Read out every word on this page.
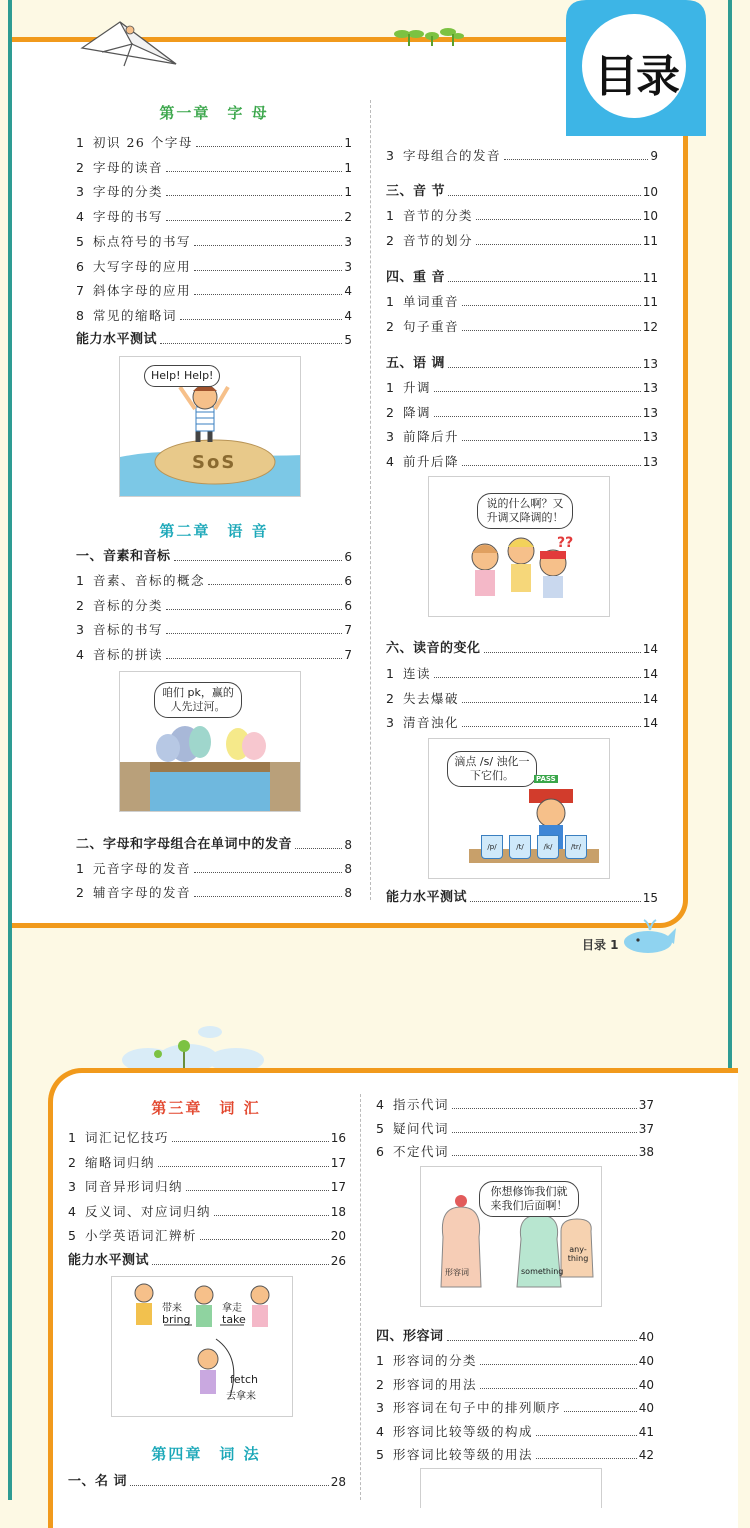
目录
第一章　字 母
能力水平测试	5
Help! Help!
SoS
第二章　语 音
一、音素和音标	6
咱们 pk，赢的人先过河。
二、字母和字母组合在单词中的发音	8
3 字母组合的发音	9
??
说的什么啊？又升调又降调的！
滴点 /s/ 浊化一下它们。	PASS
/p/	/t/	/k/	/tr/
能力水平测试	15
目录 1
第三章　词 汇
能力水平测试	26
带来
bring
拿走
take
fetch
去拿来
第四章　词 法
一、名 词	28
你想修饰我们就来我们后面啊！
形容词	something
any-thing
四、形容词	40
1 初识 26 个字母	1
2 字母的读音	1
3 字母的分类	1
4 字母的书写	2
5 标点符号的书写	3
6 大写字母的应用	3
7 斜体字母的应用	4
8 常见的缩略词	4
1 音素、音标的概念	6
2 音标的分类	6
3 音标的书写	7
4 音标的拼读	7
1 元音字母的发音	8
2 辅音字母的发音	8
三、音 节	10
1 音节的分类	10
2 音节的划分	11
四、重 音	11
1 单词重音	11
2 句子重音	12
五、语 调	13
1 升调	13
2 降调	13
3 前降后升	13
4 前升后降	13
六、读音的变化	14
1 连读	14
2 失去爆破	14
3 清音浊化	14
1 词汇记忆技巧	16
2 缩略词归纳	17
3 同音异形词归纳	17
4 反义词、对应词归纳	18
5 小学英语词汇辨析	20
4 指示代词	37
5 疑问代词	37
6 不定代词	38
1 形容词的分类	40
2 形容词的用法	40
3 形容词在句子中的排列顺序	40
4 形容词比较等级的构成	41
5 形容词比较等级的用法	42
